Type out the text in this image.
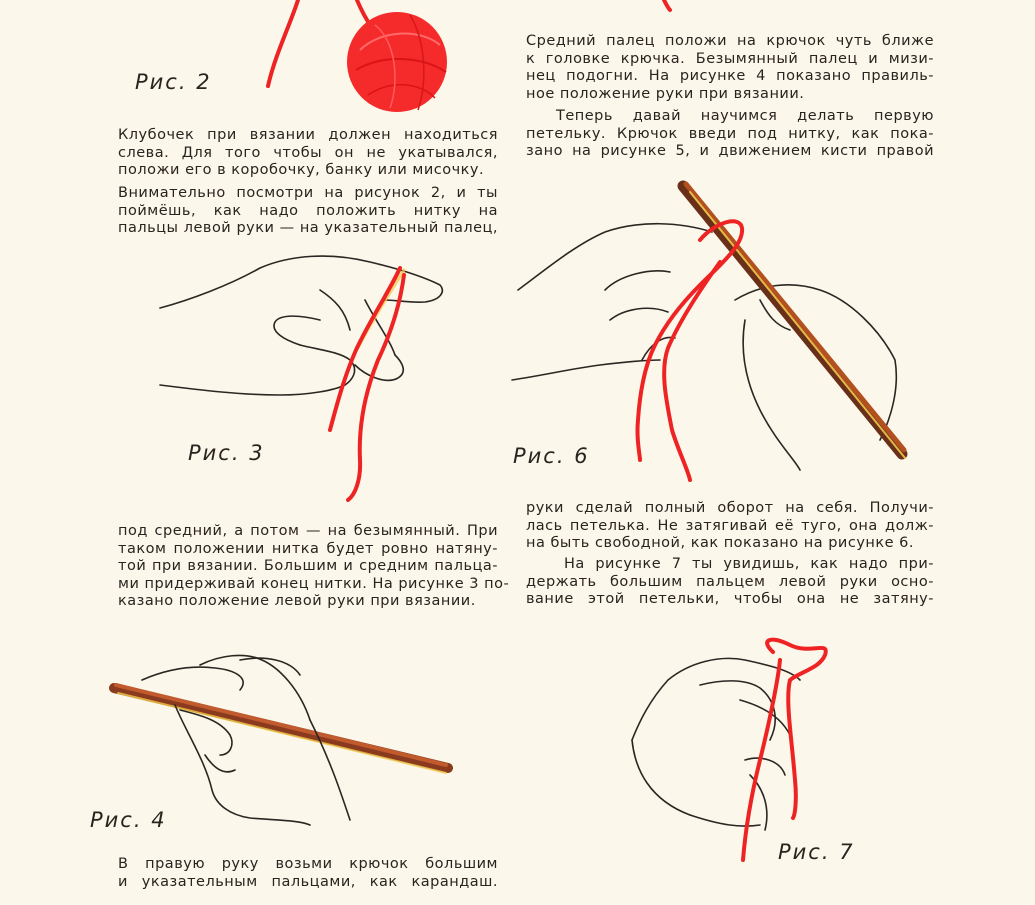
Рис. 2
Рис. 3
Рис. 4
Рис. 6
Рис. 7
Клубочек при вязании должен находиться
слева. Для того чтобы он не укатывался,
положи его в коробочку, банку или мисочку.
Внимательно посмотри на рисунок 2, и ты
поймёшь, как надо положить нитку на
пальцы левой руки — на указательный палец,
под средний, а потом — на безымянный. При
таком положении нитка будет ровно натяну-
той при вязании. Большим и средним пальца-
ми придерживай конец нитки. На рисунке 3 по-
казано положение левой руки при вязании.
В правую руку возьми крючок большим
и указательным пальцами, как карандаш.
Средний палец положи на крючок чуть ближе
к головке крючка. Безымянный палец и мизи-
нец подогни. На рисунке 4 показано правиль-
ное положение руки при вязании.
Теперь давай научимся делать первую
петельку. Крючок введи под нитку, как пока-
зано на рисунке 5, и движением кисти правой
руки сделай полный оборот на себя. Получи-
лась петелька. Не затягивай её туго, она долж-
на быть свободной, как показано на рисунке 6.
На рисунке 7 ты увидишь, как надо при-
держать большим пальцем левой руки осно-
вание этой петельки, чтобы она не затяну-
